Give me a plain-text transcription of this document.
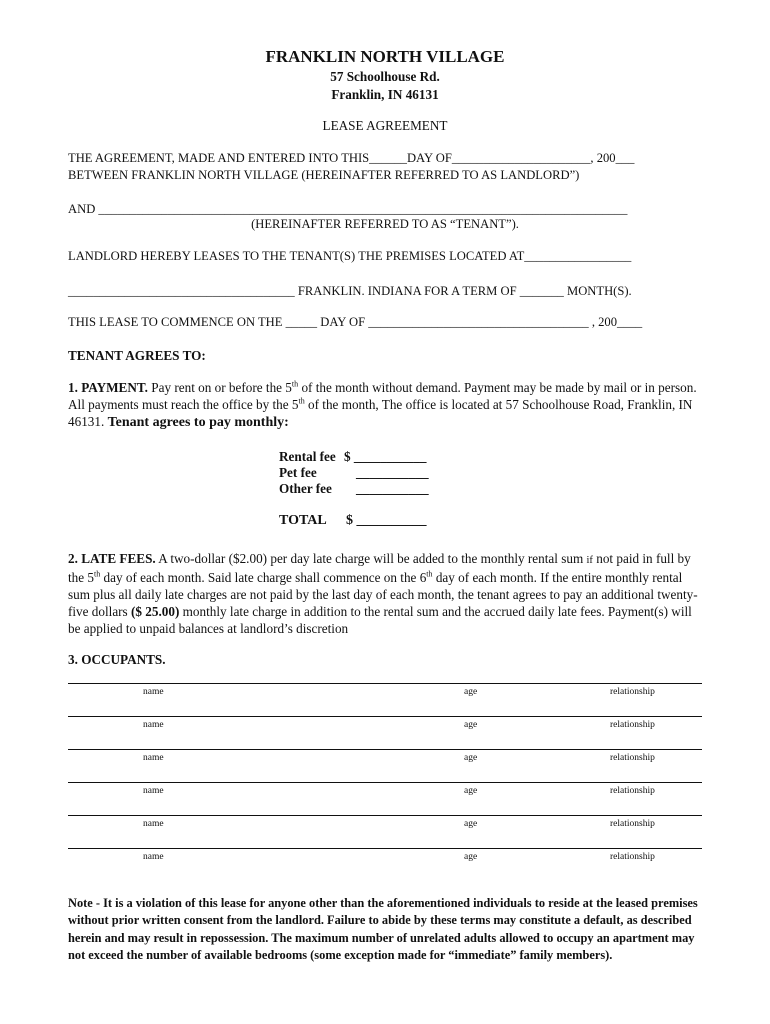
FRANKLIN NORTH VILLAGE
57 Schoolhouse Rd.
Franklin, IN 46131
LEASE AGREEMENT
THE AGREEMENT, MADE AND ENTERED INTO THIS______DAY OF______________________, 200___
BETWEEN FRANKLIN NORTH VILLAGE (HEREINAFTER REFERRED TO AS LANDLORD”)
AND ____________________________________________________________________________________
(HEREINAFTER REFERRED TO AS “TENANT”).
LANDLORD HEREBY LEASES TO THE TENANT(S) THE PREMISES LOCATED AT_________________
____________________________________ FRANKLIN. INDIANA FOR A TERM OF _______ MONTH(S).
THIS LEASE TO COMMENCE ON THE _____ DAY OF ___________________________________ , 200____
TENANT AGREES TO:
1. PAYMENT. Pay rent on or before the 5th of the month without demand. Payment may be made by mail or in person. All payments must reach the office by the 5th of the month, The office is located at 57 Schoolhouse Road, Franklin, IN 46131. Tenant agrees to pay monthly:
Rental fee $ ___________
Pet fee	___________
Other fee ___________
TOTAL $ __________
2. LATE FEES. A two-dollar ($2.00) per day late charge will be added to the monthly rental sum if not paid in full by the 5th day of each month. Said late charge shall commence on the 6th day of each month. If the entire monthly rental sum plus all daily late charges are not paid by the last day of each month, the tenant agrees to pay an additional twenty-five dollars ($ 25.00) monthly late charge in addition to the rental sum and the accrued daily late fees. Payment(s) will be applied to unpaid balances at landlord’s discretion
3. OCCUPANTS.
name	age	relationship
name	age	relationship
name	age	relationship
name	age	relationship
name	age	relationship
name	age	relationship
Note - It is a violation of this lease for anyone other than the aforementioned individuals to reside at the leased premises without prior written consent from the landlord. Failure to abide by these terms may constitute a default, as described herein and may result in repossession. The maximum number of unrelated adults allowed to occupy an apartment may not exceed the number of available bedrooms (some exception made for “immediate” family members).
